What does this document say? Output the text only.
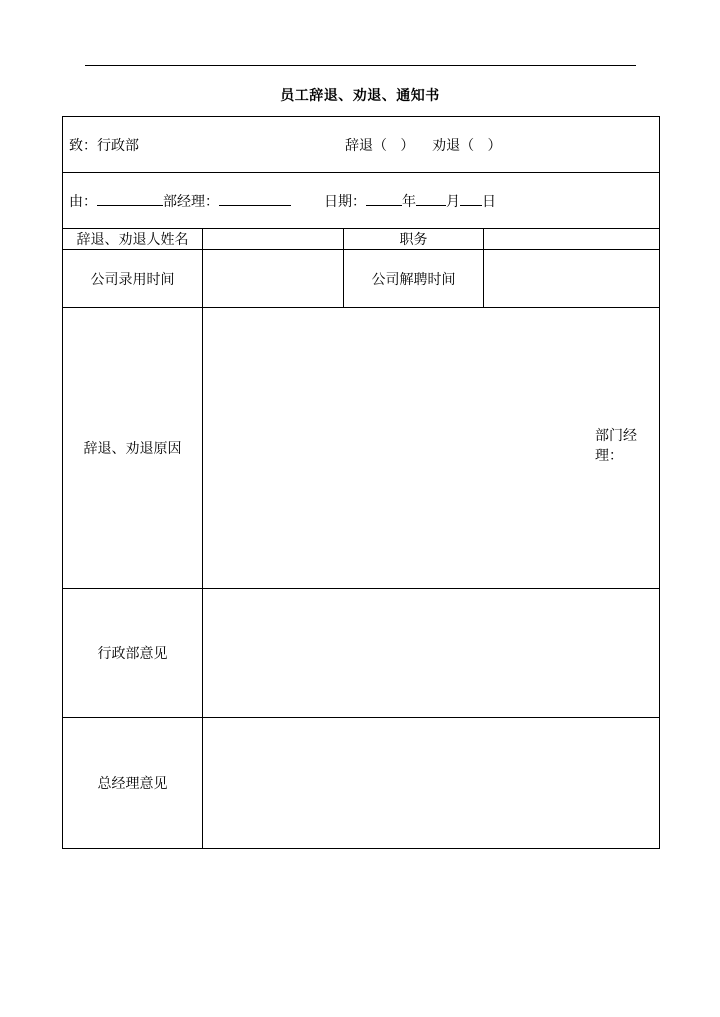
员工辞退、劝退、通知书
致：行政部 辞退（   ） 劝退（   ）			

由： 部经理： 日期： 年 月 日			

辞退、劝退人姓名		职务	
公司录用时间		公司解聘时间	
辞退、劝退原因	部门经理：		

行政部意见			
总经理意见			
